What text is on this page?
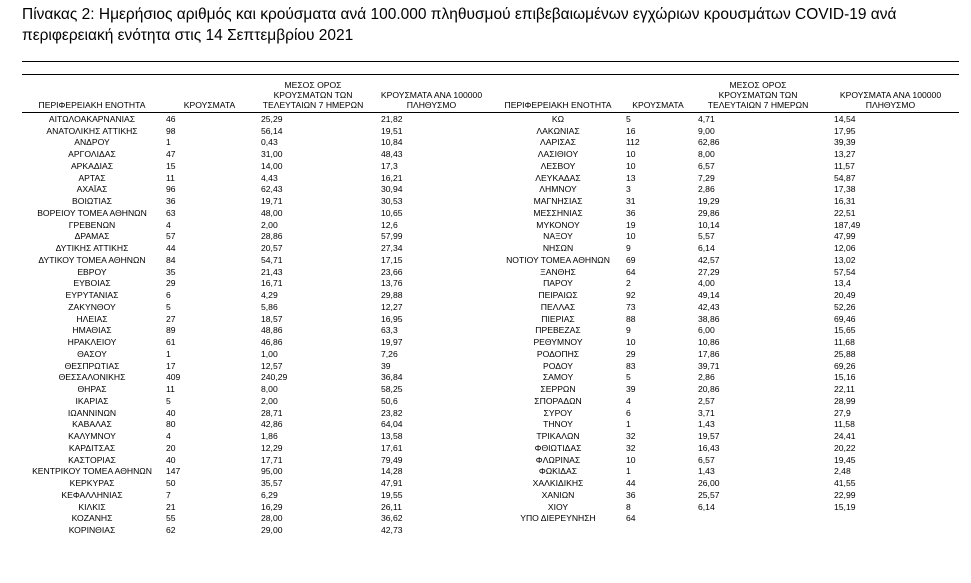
Πίνακας 2: Ημερήσιος αριθμός και κρούσματα ανά 100.000 πληθυσμού επιβεβαιωμένων εγχώριων κρουσμάτων COVID-19 ανά περιφερειακή ενότητα στις 14 Σεπτεμβρίου 2021
ΠΕΡΙΦΕΡΕΙΑΚΗ ΕΝΟΤΗΤΑ	ΚΡΟΥΣΜΑΤΑ	ΜΕΣΟΣ ΟΡΟΣ
ΚΡΟΥΣΜΑΤΩΝ ΤΩΝ
ΤΕΛΕΥΤΑΙΩΝ 7 ΗΜΕΡΩΝ	ΚΡΟΥΣΜΑΤΑ ΑΝΑ 100000
ΠΛΗΘΥΣΜΟ	ΠΕΡΙΦΕΡΕΙΑΚΗ ΕΝΟΤΗΤΑ	ΚΡΟΥΣΜΑΤΑ	ΜΕΣΟΣ ΟΡΟΣ
ΚΡΟΥΣΜΑΤΩΝ ΤΩΝ
ΤΕΛΕΥΤΑΙΩΝ 7 ΗΜΕΡΩΝ	ΚΡΟΥΣΜΑΤΑ ΑΝΑ 100000
ΠΛΗΘΥΣΜΟ
ΑΙΤΩΛΟΑΚΑΡΝΑΝΙΑΣ	46	25,29	21,82	ΚΩ	5	4,71	14,54
ΑΝΑΤΟΛΙΚΗΣ ΑΤΤΙΚΗΣ	98	56,14	19,51	ΛΑΚΩΝΙΑΣ	16	9,00	17,95
ΑΝΔΡΟΥ	1	0,43	10,84	ΛΑΡΙΣΑΣ	112	62,86	39,39
ΑΡΓΟΛΙΔΑΣ	47	31,00	48,43	ΛΑΣΙΘΙΟΥ	10	8,00	13,27
ΑΡΚΑΔΙΑΣ	15	14,00	17,3	ΛΕΣΒΟΥ	10	6,57	11,57
ΑΡΤΑΣ	11	4,43	16,21	ΛΕΥΚΑΔΑΣ	13	7,29	54,87
ΑΧΑΪΑΣ	96	62,43	30,94	ΛΗΜΝΟΥ	3	2,86	17,38
ΒΟΙΩΤΙΑΣ	36	19,71	30,53	ΜΑΓΝΗΣΙΑΣ	31	19,29	16,31
ΒΟΡΕΙΟΥ ΤΟΜΕΑ ΑΘΗΝΩΝ	63	48,00	10,65	ΜΕΣΣΗΝΙΑΣ	36	29,86	22,51
ΓΡΕΒΕΝΩΝ	4	2,00	12,6	ΜΥΚΟΝΟΥ	19	10,14	187,49
ΔΡΑΜΑΣ	57	28,86	57,99	ΝΑΞΟΥ	10	5,57	47,99
ΔΥΤΙΚΗΣ ΑΤΤΙΚΗΣ	44	20,57	27,34	ΝΗΣΩΝ	9	6,14	12,06
ΔΥΤΙΚΟΥ ΤΟΜΕΑ ΑΘΗΝΩΝ	84	54,71	17,15	ΝΟΤΙΟΥ ΤΟΜΕΑ ΑΘΗΝΩΝ	69	42,57	13,02
ΕΒΡΟΥ	35	21,43	23,66	ΞΑΝΘΗΣ	64	27,29	57,54
ΕΥΒΟΙΑΣ	29	16,71	13,76	ΠΑΡΟΥ	2	4,00	13,4
ΕΥΡΥΤΑΝΙΑΣ	6	4,29	29,88	ΠΕΙΡΑΙΩΣ	92	49,14	20,49
ΖΑΚΥΝΘΟΥ	5	5,86	12,27	ΠΕΛΛΑΣ	73	42,43	52,26
ΗΛΕΙΑΣ	27	18,57	16,95	ΠΙΕΡΙΑΣ	88	38,86	69,46
ΗΜΑΘΙΑΣ	89	48,86	63,3	ΠΡΕΒΕΖΑΣ	9	6,00	15,65
ΗΡΑΚΛΕΙΟΥ	61	46,86	19,97	ΡΕΘΥΜΝΟΥ	10	10,86	11,68
ΘΑΣΟΥ	1	1,00	7,26	ΡΟΔΟΠΗΣ	29	17,86	25,88
ΘΕΣΠΡΩΤΙΑΣ	17	12,57	39	ΡΟΔΟΥ	83	39,71	69,26
ΘΕΣΣΑΛΟΝΙΚΗΣ	409	240,29	36,84	ΣΑΜΟΥ	5	2,86	15,16
ΘΗΡΑΣ	11	8,00	58,25	ΣΕΡΡΩΝ	39	20,86	22,11
ΙΚΑΡΙΑΣ	5	2,00	50,6	ΣΠΟΡΑΔΩΝ	4	2,57	28,99
ΙΩΑΝΝΙΝΩΝ	40	28,71	23,82	ΣΥΡΟΥ	6	3,71	27,9
ΚΑΒΑΛΑΣ	80	42,86	64,04	ΤΗΝΟΥ	1	1,43	11,58
ΚΑΛΥΜΝΟΥ	4	1,86	13,58	ΤΡΙΚΑΛΩΝ	32	19,57	24,41
ΚΑΡΔΙΤΣΑΣ	20	12,29	17,61	ΦΘΙΩΤΙΔΑΣ	32	16,43	20,22
ΚΑΣΤΟΡΙΑΣ	40	17,71	79,49	ΦΛΩΡΙΝΑΣ	10	6,57	19,45
ΚΕΝΤΡΙΚΟΥ ΤΟΜΕΑ ΑΘΗΝΩΝ	147	95,00	14,28	ΦΩΚΙΔΑΣ	1	1,43	2,48
ΚΕΡΚΥΡΑΣ	50	35,57	47,91	ΧΑΛΚΙΔΙΚΗΣ	44	26,00	41,55
ΚΕΦΑΛΛΗΝΙΑΣ	7	6,29	19,55	ΧΑΝΙΩΝ	36	25,57	22,99
ΚΙΛΚΙΣ	21	16,29	26,11	ΧΙΟΥ	8	6,14	15,19
ΚΟΖΑΝΗΣ	55	28,00	36,62	ΥΠΟ ΔΙΕΡΕΥΝΗΣΗ	64		
ΚΟΡΙΝΘΙΑΣ	62	29,00	42,73				
